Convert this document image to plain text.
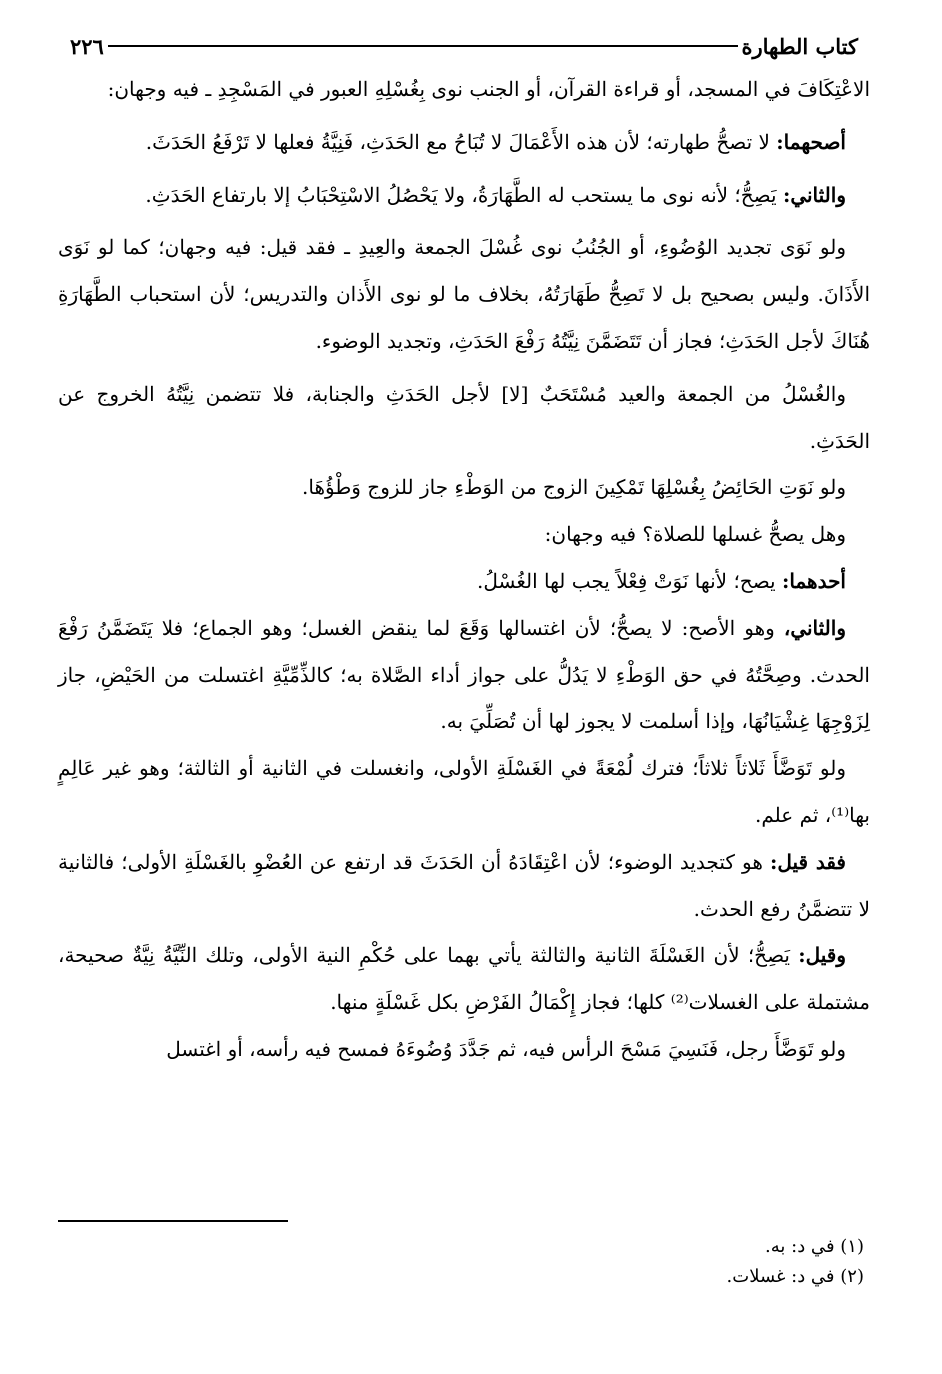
كتاب الطهارة
٢٢٦

الاعْتِكَافَ في المسجد، أو قراءة القرآن، أو الجنب نوى بِغُسْلِهِ العبور في المَسْجِدِ ـ فيه وجهان:

أصحهما: لا تصحُّ طهارته؛ لأن هذه الأَعْمَالَ لا تُبَاحُ مع الحَدَثِ، فَنِيَّةُ فعلها لا تَرْفَعُ الحَدَثَ.

والثاني: يَصِحُّ؛ لأنه نوى ما يستحب له الطَّهَارَةُ، ولا يَحْصُلُ الاسْتِحْبَابُ إلا بارتفاع الحَدَثِ.

ولو نَوَى تجديد الوُضُوءِ، أو الجُنُبُ نوى غُسْلَ الجمعة والعِيدِ ـ فقد قيل: فيه وجهان؛ كما لو نَوَى الأَذَانَ. وليس بصحيح بل لا تَصِحُّ طَهَارَتُهُ، بخلاف ما لو نوى الأَذان والتدريس؛ لأن استحباب الطَّهَارَةِ هُنَاكَ لأجل الحَدَثِ؛ فجاز أن تَتَضَمَّنَ نِيَّتُهُ رَفْعَ الحَدَثِ، وتجديد الوضوء.

والغُسْلُ من الجمعة والعيد مُسْتَحَبٌ [لا] لأجل الحَدَثِ والجنابة، فلا تتضمن نِيَّتُهُ الخروج عن الحَدَثِ.

ولو نَوَتِ الحَائِضُ بِغُسْلِهَا تَمْكِينَ الزوج من الوَطْءِ جاز للزوج وَطْؤُهَا.

وهل يصحُّ غسلها للصلاة؟ فيه وجهان:

أحدهما: يصح؛ لأنها نَوَتْ فِعْلاً يجب لها الغُسْلُ.

والثاني، وهو الأصح: لا يصحُّ؛ لأن اغتسالها وَقَعَ لما ينقض الغسل؛ وهو الجماع؛ فلا يَتَضَمَّنُ رَفْعَ الحدث. وصِحَّتُهُ في حق الوَطْءِ لا يَدُلُّ على جواز أداء الصَّلاة به؛ كالذِّمِّيَّةِ اغتسلت من الحَيْضِ، جاز لِزَوْجِهَا غِشْيَانُهَا، وإذا أسلمت لا يجوز لها أن تُصَلِّيَ به.

ولو تَوَضَّأَ ثَلاثاً ثلاثاً؛ فترك لُمْعَةً في الغَسْلَةِ الأولى، وانغسلت في الثانية أو الثالثة؛ وهو غير عَالِمٍ بها⁽¹⁾، ثم علم.

فقد قيل: هو كتجديد الوضوء؛ لأن اعْتِقَادَهُ أن الحَدَثَ قد ارتفع عن العُضْوِ بالغَسْلَةِ الأولى؛ فالثانية لا تتضمَّنُ رفع الحدث.

وقيل: يَصِحُّ؛ لأن الغَسْلَةَ الثانية والثالثة يأتي بهما على حُكْمِ النية الأولى، وتلك النِّيَّةُ نِيَّةٌ صحيحة، مشتملة على الغسلات⁽²⁾ كلها؛ فجاز إِكْمَالُ الفَرْضِ بكل غَسْلَةٍ منها.

ولو تَوَضَّأَ رجل، فَنَسِيَ مَسْحَ الرأس فيه، ثم جَدَّدَ وُضُوءَهُ فمسح فيه رأسه، أو اغتسل

(١) في د: به.

(٢) في د: غسلات.
